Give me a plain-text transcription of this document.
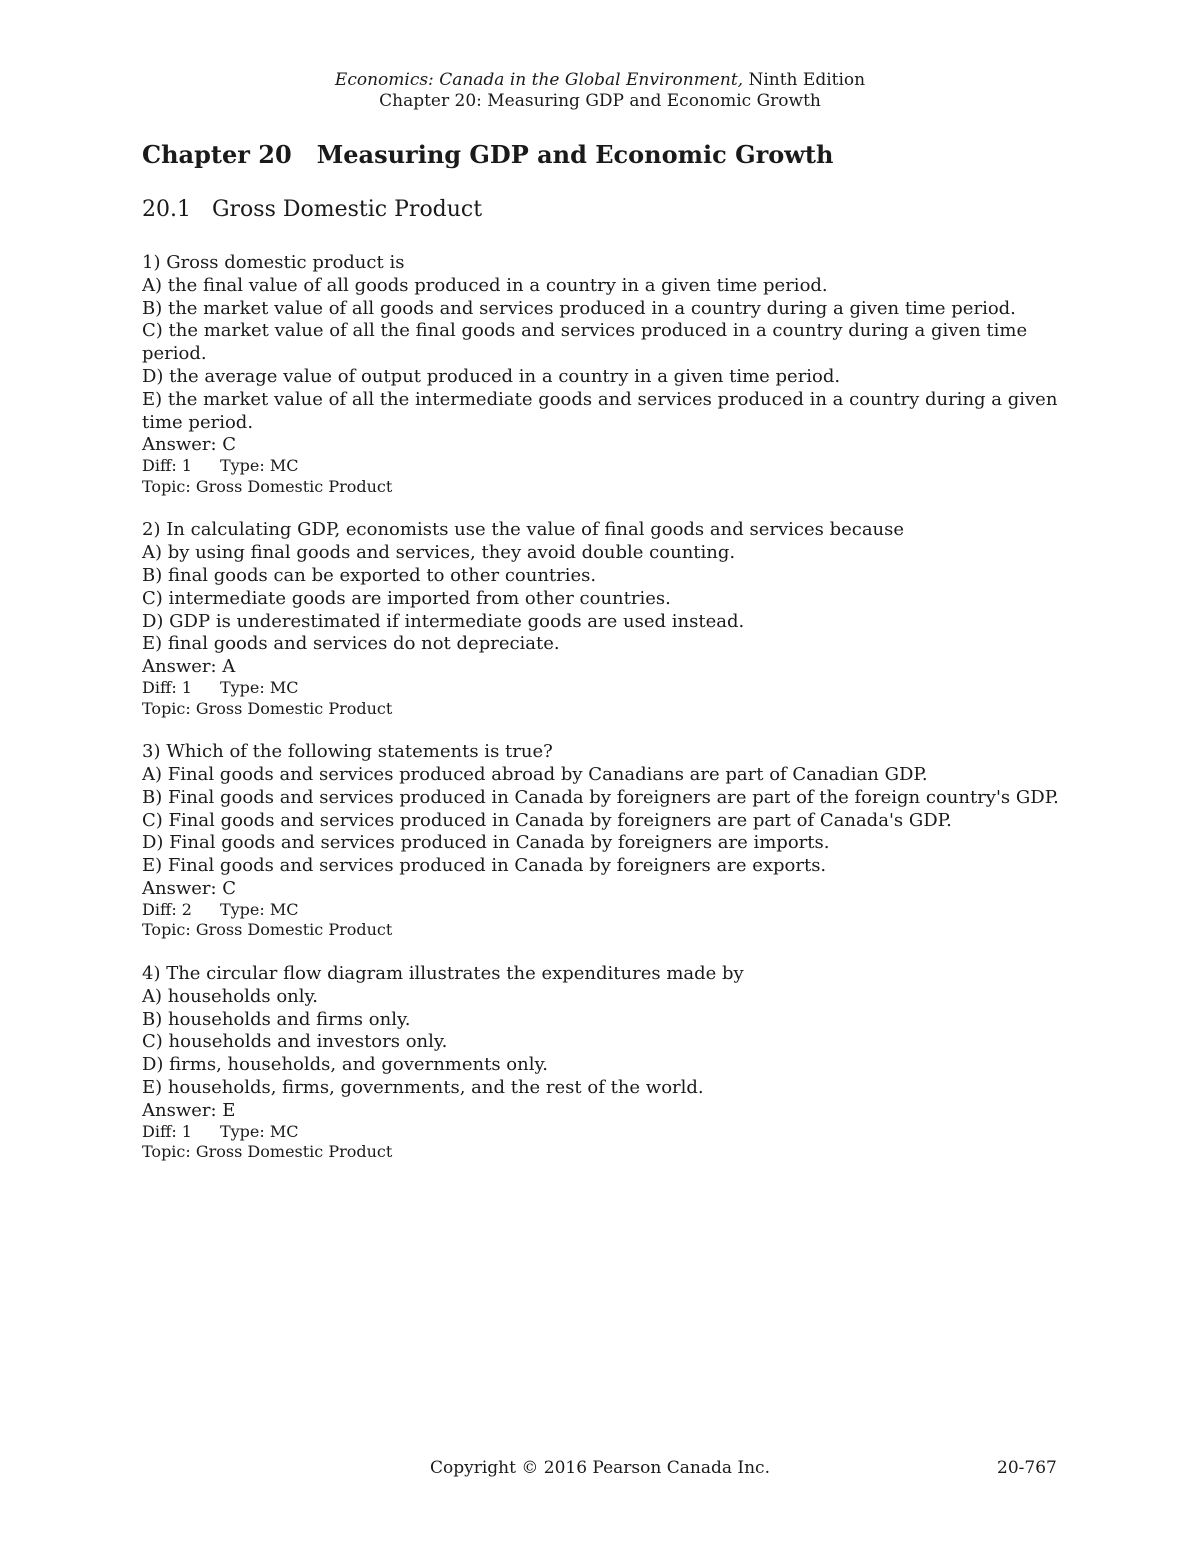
Economics: Canada in the Global Environment, Ninth Edition
Chapter 20: Measuring GDP and Economic Growth
Chapter 20   Measuring GDP and Economic Growth
20.1   Gross Domestic Product
1) Gross domestic product is
A) the final value of all goods produced in a country in a given time period.
B) the market value of all goods and services produced in a country during a given time period.
C) the market value of all the final goods and services produced in a country during a given time period.
D) the average value of output produced in a country in a given time period.
E) the market value of all the intermediate goods and services produced in a country during a given time period.
Answer: C
Diff: 1 Type: MC
Topic: Gross Domestic Product
2) In calculating GDP, economists use the value of final goods and services because
A) by using final goods and services, they avoid double counting.
B) final goods can be exported to other countries.
C) intermediate goods are imported from other countries.
D) GDP is underestimated if intermediate goods are used instead.
E) final goods and services do not depreciate.
Answer: A
Diff: 1 Type: MC
Topic: Gross Domestic Product
3) Which of the following statements is true?
A) Final goods and services produced abroad by Canadians are part of Canadian GDP.
B) Final goods and services produced in Canada by foreigners are part of the foreign country's GDP.
C) Final goods and services produced in Canada by foreigners are part of Canada's GDP.
D) Final goods and services produced in Canada by foreigners are imports.
E) Final goods and services produced in Canada by foreigners are exports.
Answer: C
Diff: 2 Type: MC
Topic: Gross Domestic Product
4) The circular flow diagram illustrates the expenditures made by
A) households only.
B) households and firms only.
C) households and investors only.
D) firms, households, and governments only.
E) households, firms, governments, and the rest of the world.
Answer: E
Diff: 1 Type: MC
Topic: Gross Domestic Product
Copyright © 2016 Pearson Canada Inc.	20-767
